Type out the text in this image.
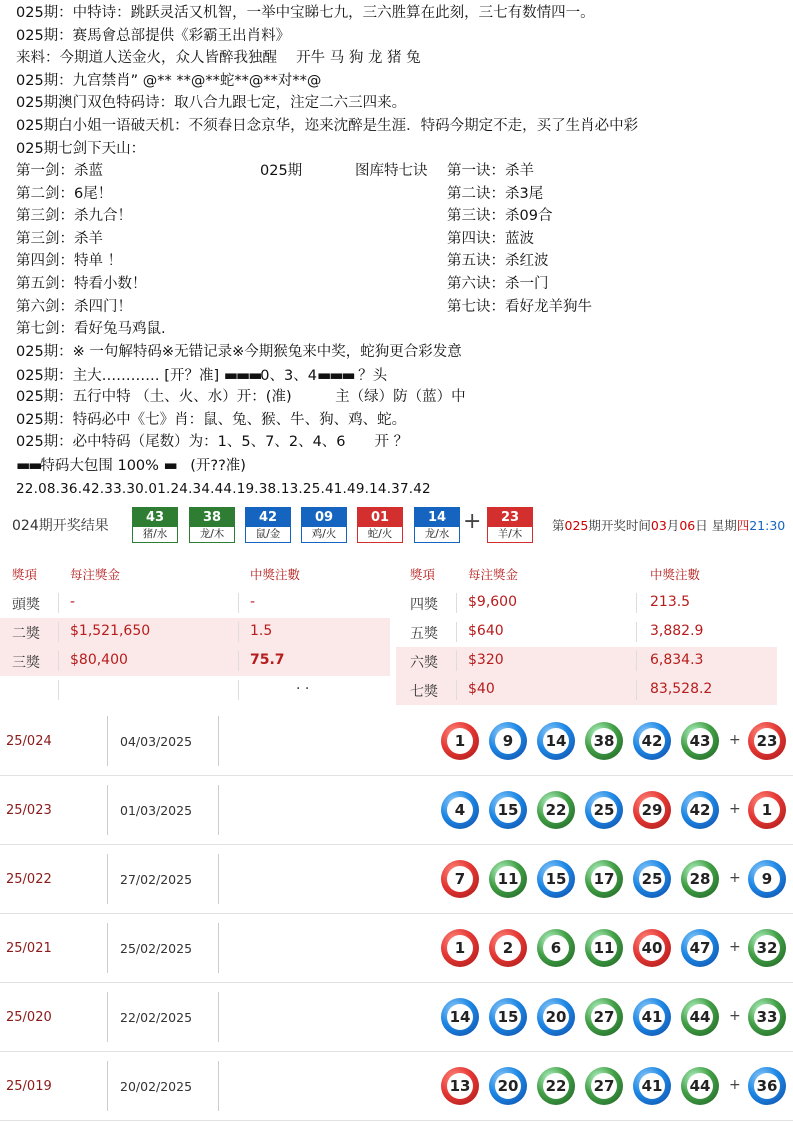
025期：中特诗：跳跃灵活又机智，一举中宝睇七九，三六胜算在此刻，三七有数情四一。
025期：赛馬會总部提供《彩霸王出肖料》
来料：今期道人送金火，众人皆醉我独醒　 开牛 马 狗 龙 猪 兔
025期：九宫禁肖” @** **@**蛇**@**对**@
025期澳门双色特码诗：取八合九跟七定，注定二六三四来。
025期白小姐一语破天机：不须春日念京华，迩来沈醉是生涯．特码今期定不走，买了生肖必中彩
025期七剑下天山：
第一剑：杀蓝	025期	图库特七诀 第一诀：杀羊
第二剑：6尾！	第二诀：杀3尾
第三剑：杀九合！	第三诀：杀09合
第三剑：杀羊	第四诀：蓝波
第四剑：特单 ！	第五诀：杀红波
第五剑：特看小数！	第六诀：杀一门
第六剑：杀四门！	第七诀：看好龙羊狗牛
第七剑：看好兔马鸡鼠.
025期：※ 一句解特码※无错记录※今期猴兔来中奖，蛇狗更合彩发意
025期：主大………… [开？准] ▬▬▬0、3、4▬▬▬ ？头
025期：五行中特 （土、火、水）开：(准)　　　主（绿）防（蓝）中
025期：特码必中《七》肖：鼠、兔、猴、牛、狗、鸡、蛇。
025期：必中特码（尾数）为：1、5、7、2、4、6　　开 ？
▬▬特码大包围 100% ▬　(开??准)
22.08.36.42.33.30.01.24.34.44.19.38.13.25.41.49.14.37.42
024期开奖结果
43
猪/水
38
龙/木
42
鼠/金
09
鸡/火
01
蛇/火
14
龙/水
23
羊/木
+	第025期开奖时间03月06日 星期四21:30
獎項	每注獎金	中獎注數	獎項	每注獎金	中獎注數
頭獎 -	-	四獎 $9,600	213.5
二獎 $1,521,650	1.5	五獎 $640	3,882.9
三獎 $80,400	75.7	六獎 $320	6,834.3
· ·	七獎 $40	83,528.2
25/024	04/03/2025	1	9	14 38 42 43 + 23
25/023	01/03/2025	4	15 22 25 29 42 +	1
25/022	27/02/2025	7	11 15 17 25 28 +	9
25/021	25/02/2025	1	2	6	11 40 47 + 32
25/020	22/02/2025	14 15 20 27 41 44 + 33
25/019	20/02/2025	13 20 22 27 41 44 + 36
